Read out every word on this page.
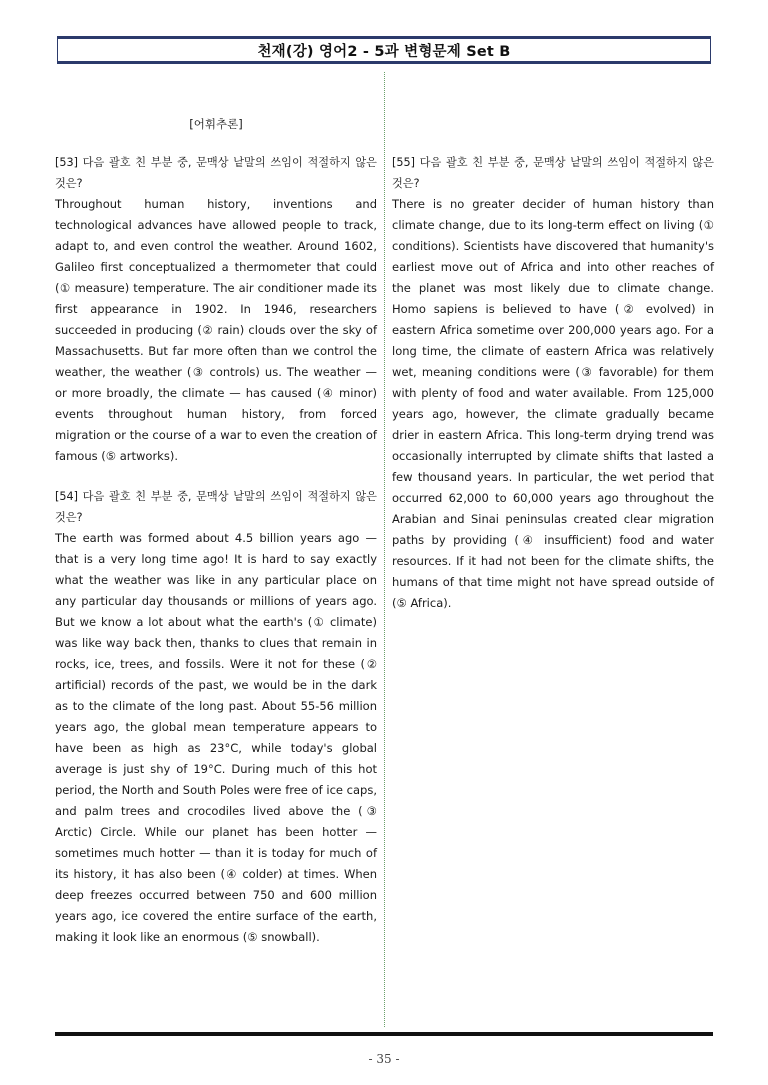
천재(강) 영어2 - 5과 변형문제 Set B
[어휘추론]
[53] 다음 괄호 친 부분 중, 문맥상 낱말의 쓰임이 적절하지 않은 것은?
Throughout human history, inventions and technological advances have allowed people to track, adapt to, and even control the weather. Around 1602, Galileo first conceptualized a thermometer that could (① measure) temperature. The air conditioner made its first appearance in 1902. In 1946, researchers succeeded in producing (② rain) clouds over the sky of Massachusetts. But far more often than we control the weather, the weather (③ controls) us. The weather — or more broadly, the climate — has caused (④ minor) events throughout human history, from forced migration or the course of a war to even the creation of famous (⑤ artworks).
[54] 다음 괄호 친 부분 중, 문맥상 낱말의 쓰임이 적절하지 않은 것은?
The earth was formed about 4.5 billion years ago — that is a very long time ago! It is hard to say exactly what the weather was like in any particular place on any particular day thousands or millions of years ago. But we know a lot about what the earth's (① climate) was like way back then, thanks to clues that remain in rocks, ice, trees, and fossils. Were it not for these (② artificial) records of the past, we would be in the dark as to the climate of the long past. About 55-56 million years ago, the global mean temperature appears to have been as high as 23°C, while today's global average is just shy of 19°C. During much of this hot period, the North and South Poles were free of ice caps, and palm trees and crocodiles lived above the (③ Arctic) Circle. While our planet has been hotter — sometimes much hotter — than it is today for much of its history, it has also been (④ colder) at times. When deep freezes occurred between 750 and 600 million years ago, ice covered the entire surface of the earth, making it look like an enormous (⑤ snowball).
[55] 다음 괄호 친 부분 중, 문맥상 낱말의 쓰임이 적절하지 않은 것은?
There is no greater decider of human history than climate change, due to its long-term effect on living (① conditions). Scientists have discovered that humanity's earliest move out of Africa and into other reaches of the planet was most likely due to climate change. Homo sapiens is believed to have (② evolved) in eastern Africa sometime over 200,000 years ago. For a long time, the climate of eastern Africa was relatively wet, meaning conditions were (③ favorable) for them with plenty of food and water available. From 125,000 years ago, however, the climate gradually became drier in eastern Africa. This long-term drying trend was occasionally interrupted by climate shifts that lasted a few thousand years. In particular, the wet period that occurred 62,000 to 60,000 years ago throughout the Arabian and Sinai peninsulas created clear migration paths by providing (④ insufficient) food and water resources. If it had not been for the climate shifts, the humans of that time might not have spread outside of (⑤ Africa).
- 35 -
